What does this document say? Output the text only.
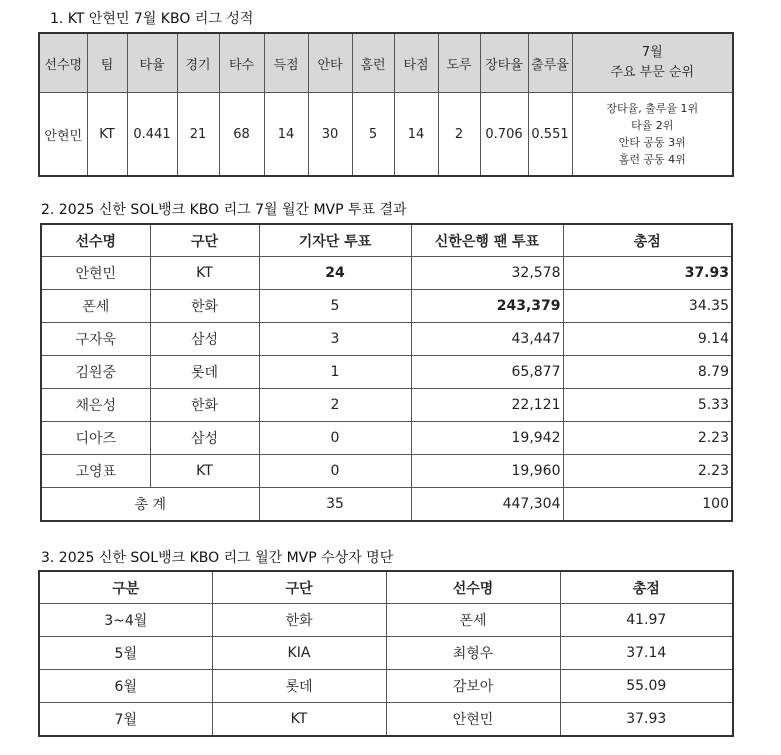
1. KT 안현민 7월 KBO 리그 성적
선수명	팀	타율	경기	타수	득점	안타	홈런	타점	도루	장타율	출루율	7월
주요 부문 순위

안현민	KT	0.441	21	68	14	30	5	14	2	0.706	0.551	장타율, 출루율 1위
타율 2위
안타 공동 3위
홈런 공동 4위
2. 2025 신한 SOL뱅크 KBO 리그 7월 월간 MVP 투표 결과
선수명	구단	기자단 투표	신한은행 팬 투표	총점
안현민	KT	24	32,578	37.93
폰세	한화	5	243,379	34.35
구자욱	삼성	3	43,447	9.14
김원중	롯데	1	65,877	8.79
채은성	한화	2	22,121	5.33
디아즈	삼성	0	19,942	2.23
고영표	KT	0	19,960	2.23
총 계		35	447,304	100
3. 2025 신한 SOL뱅크 KBO 리그 월간 MVP 수상자 명단
구분	구단	선수명	총점
3~4월	한화	폰세	41.97
5월	KIA	최형우	37.14
6월	롯데	감보아	55.09
7월	KT	안현민	37.93
